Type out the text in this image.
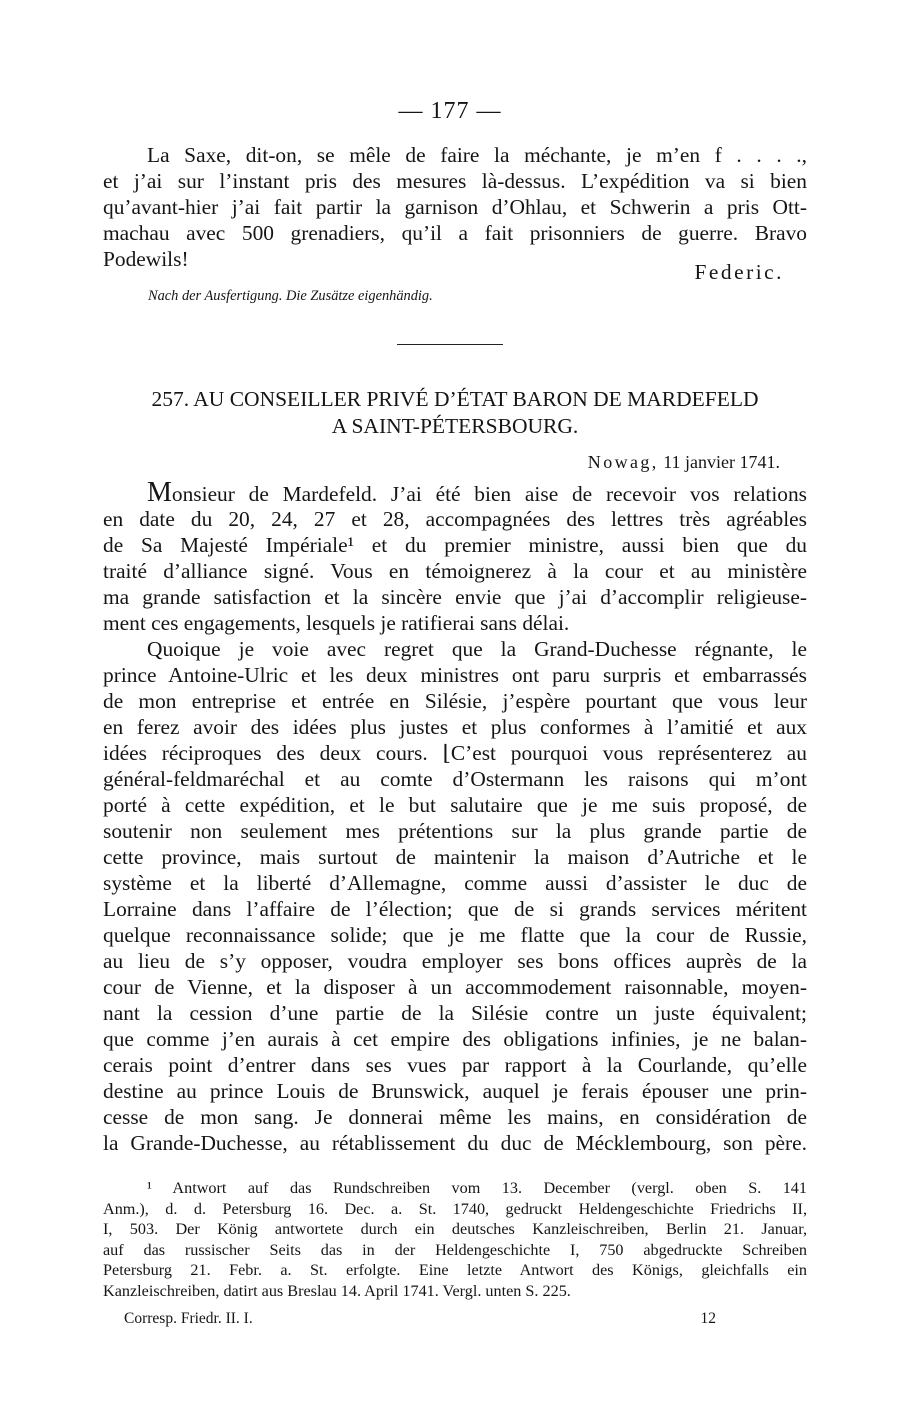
— 177 —
La Saxe, dit-on, se mêle de faire la méchante, je m’en f . . . .,
et j’ai sur l’instant pris des mesures là-dessus. L’expédition va si bien
qu’avant-hier j’ai fait partir la garnison d’Ohlau, et Schwerin a pris Ott-
machau avec 500 grenadiers, qu’il a fait prisonniers de guerre. Bravo
Podewils!
Federic.
Nach der Ausfertigung. Die Zusätze eigenhändig.
257. AU CONSEILLER PRIVÉ D’ÉTAT BARON DE MARDEFELD
A SAINT-PÉTERSBOURG.
Nowag, 11 janvier 1741.
Monsieur de Mardefeld. J’ai été bien aise de recevoir vos relations
en date du 20, 24, 27 et 28, accompagnées des lettres très agréables
de Sa Majesté Impériale¹ et du premier ministre, aussi bien que du
traité d’alliance signé. Vous en témoignerez à la cour et au ministère
ma grande satisfaction et la sincère envie que j’ai d’accomplir religieuse-
ment ces engagements, lesquels je ratifierai sans délai.
Quoique je voie avec regret que la Grand-Duchesse régnante, le
prince Antoine-Ulric et les deux ministres ont paru surpris et embarrassés
de mon entreprise et entrée en Silésie, j’espère pourtant que vous leur
en ferez avoir des idées plus justes et plus conformes à l’amitié et aux
idées réciproques des deux cours. ⌊C’est pourquoi vous représenterez au
général-feldmaréchal et au comte d’Ostermann les raisons qui m’ont
porté à cette expédition, et le but salutaire que je me suis proposé, de
soutenir non seulement mes prétentions sur la plus grande partie de
cette province, mais surtout de maintenir la maison d’Autriche et le
système et la liberté d’Allemagne, comme aussi d’assister le duc de
Lorraine dans l’affaire de l’élection; que de si grands services méritent
quelque reconnaissance solide; que je me flatte que la cour de Russie,
au lieu de s’y opposer, voudra employer ses bons offices auprès de la
cour de Vienne, et la disposer à un accommodement raisonnable, moyen-
nant la cession d’une partie de la Silésie contre un juste équivalent;
que comme j’en aurais à cet empire des obligations infinies, je ne balan-
cerais point d’entrer dans ses vues par rapport à la Courlande, qu’elle
destine au prince Louis de Brunswick, auquel je ferais épouser une prin-
cesse de mon sang. Je donnerai même les mains, en considération de
la Grande-Duchesse, au rétablissement du duc de Mécklembourg, son père.
¹ Antwort auf das Rundschreiben vom 13. December (vergl. oben S. 141
Anm.), d. d. Petersburg 16. Dec. a. St. 1740, gedruckt Heldengeschichte Friedrichs II,
I, 503. Der König antwortete durch ein deutsches Kanzleischreiben, Berlin 21. Januar,
auf das russischer Seits das in der Heldengeschichte I, 750 abgedruckte Schreiben
Petersburg 21. Febr. a. St. erfolgte. Eine letzte Antwort des Königs, gleichfalls ein
Kanzleischreiben, datirt aus Breslau 14. April 1741. Vergl. unten S. 225.
Corresp. Friedr. II. I.	12
